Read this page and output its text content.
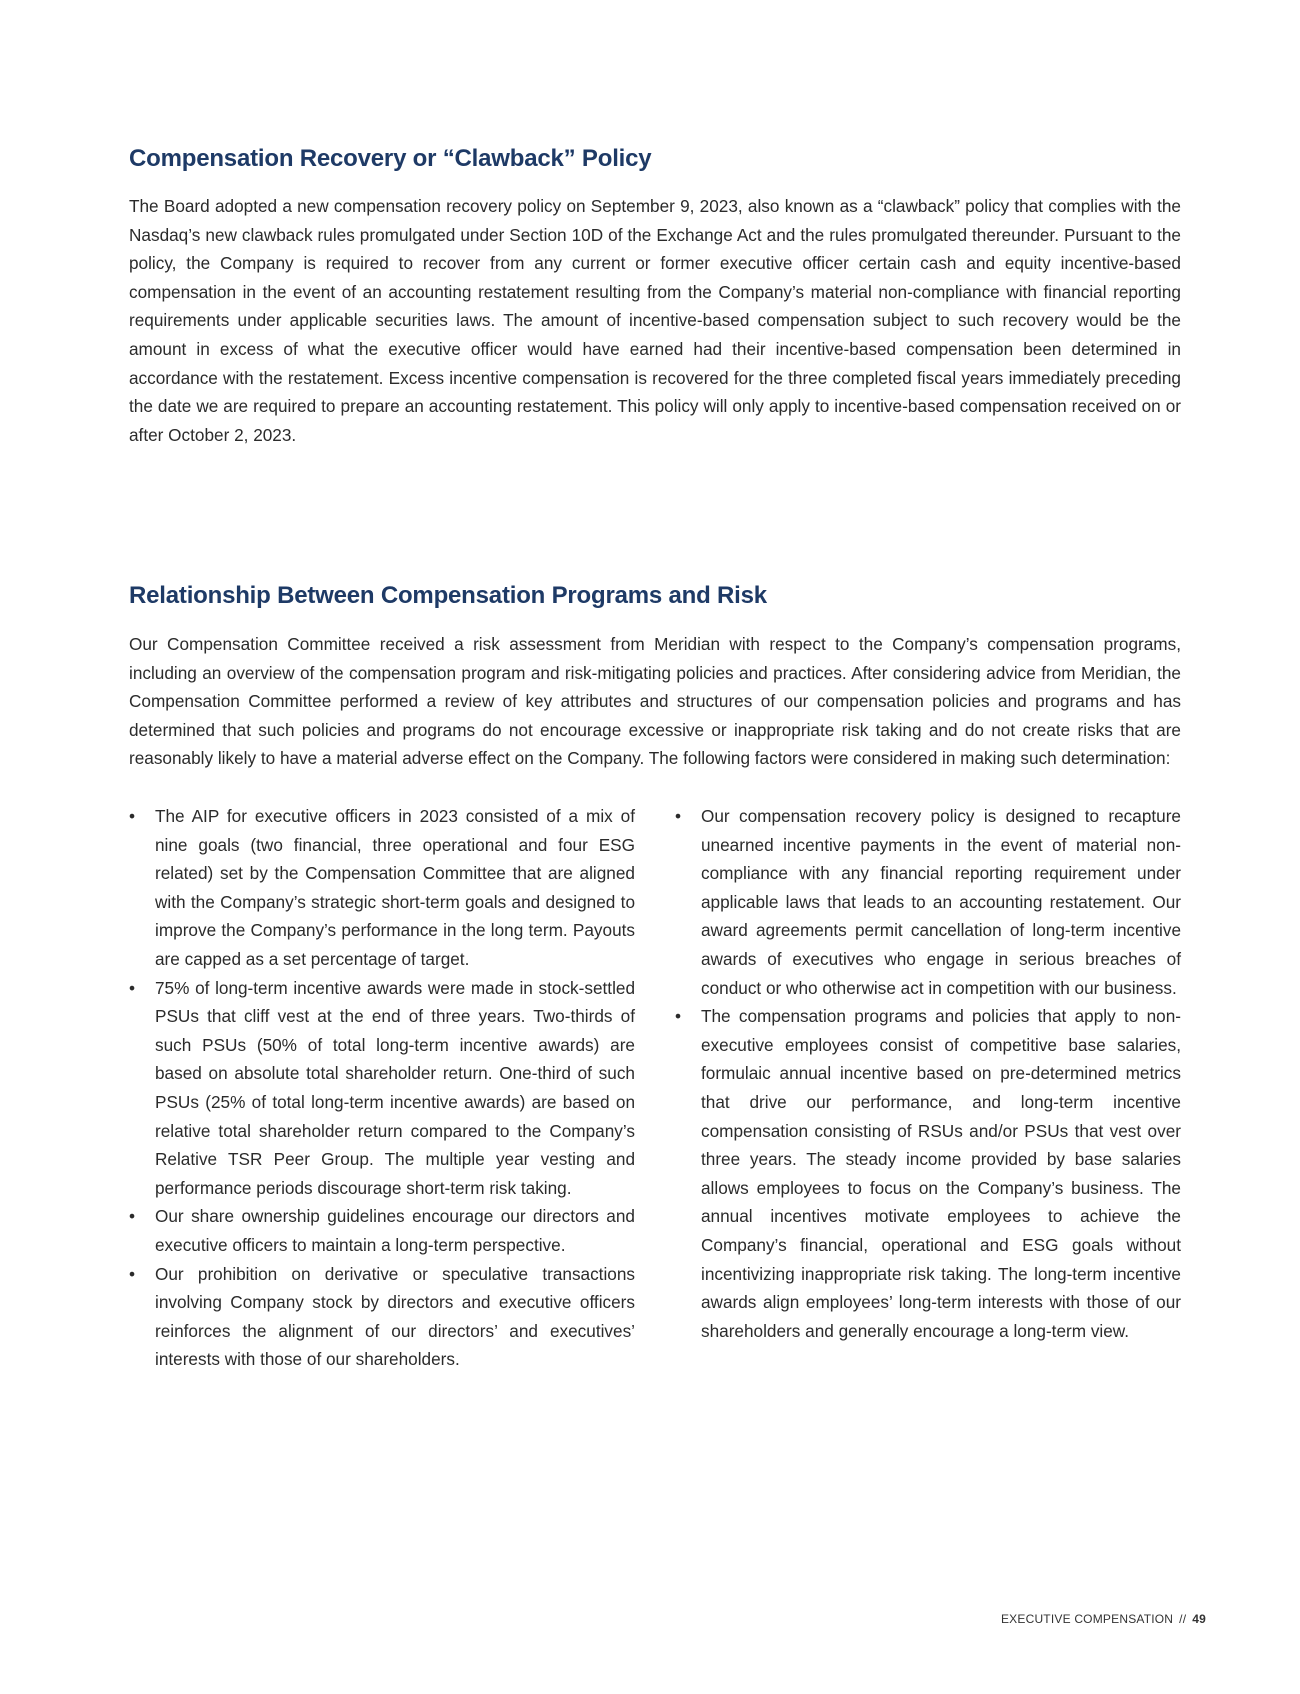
Compensation Recovery or “Clawback” Policy

The Board adopted a new compensation recovery policy on September 9, 2023, also known as a “clawback” policy that complies with the Nasdaq’s new clawback rules promulgated under Section 10D of the Exchange Act and the rules promulgated thereunder. Pursuant to the policy, the Company is required to recover from any current or former executive officer certain cash and equity incentive-based compensation in the event of an accounting restatement resulting from the Company’s material non-compliance with financial reporting requirements under applicable securities laws. The amount of incentive-based compensation subject to such recovery would be the amount in excess of what the executive officer would have earned had their incentive-based compensation been determined in accordance with the restatement. Excess incentive compensation is recovered for the three completed fiscal years immediately preceding the date we are required to prepare an accounting restatement. This policy will only apply to incentive-based compensation received on or after October 2, 2023.

Relationship Between Compensation Programs and Risk

Our Compensation Committee received a risk assessment from Meridian with respect to the Company’s compensation programs, including an overview of the compensation program and risk-mitigating policies and practices. After considering advice from Meridian, the Compensation Committee performed a review of key attributes and structures of our compensation policies and programs and has determined that such policies and programs do not encourage excessive or inappropriate risk taking and do not create risks that are reasonably likely to have a material adverse effect on the Company. The following factors were considered in making such determination:

• The AIP for executive officers in 2023 consisted of a mix of nine goals (two financial, three operational and four ESG related) set by the Compensation Committee that are aligned with the Company’s strategic short-term goals and designed to improve the Company’s performance in the long term. Payouts are capped as a set percentage of target.
• 75% of long-term incentive awards were made in stock-settled PSUs that cliff vest at the end of three years. Two-thirds of such PSUs (50% of total long-term incentive awards) are based on absolute total shareholder return. One-third of such PSUs (25% of total long-term incentive awards) are based on relative total shareholder return compared to the Company’s Relative TSR Peer Group. The multiple year vesting and performance periods discourage short-term risk taking.
• Our share ownership guidelines encourage our directors and executive officers to maintain a long-term perspective.
• Our prohibition on derivative or speculative transactions involving Company stock by directors and executive officers reinforces the alignment of our directors’ and executives’ interests with those of our shareholders.
• Our compensation recovery policy is designed to recapture unearned incentive payments in the event of material non-compliance with any financial reporting requirement under applicable laws that leads to an accounting restatement. Our award agreements permit cancellation of long-term incentive awards of executives who engage in serious breaches of conduct or who otherwise act in competition with our business.
• The compensation programs and policies that apply to non-executive employees consist of competitive base salaries, formulaic annual incentive based on pre-determined metrics that drive our performance, and long-term incentive compensation consisting of RSUs and/or PSUs that vest over three years. The steady income provided by base salaries allows employees to focus on the Company’s business. The annual incentives motivate employees to achieve the Company’s financial, operational and ESG goals without incentivizing inappropriate risk taking. The long-term incentive awards align employees’ long-term interests with those of our shareholders and generally encourage a long-term view.
EXECUTIVE COMPENSATION // 49
